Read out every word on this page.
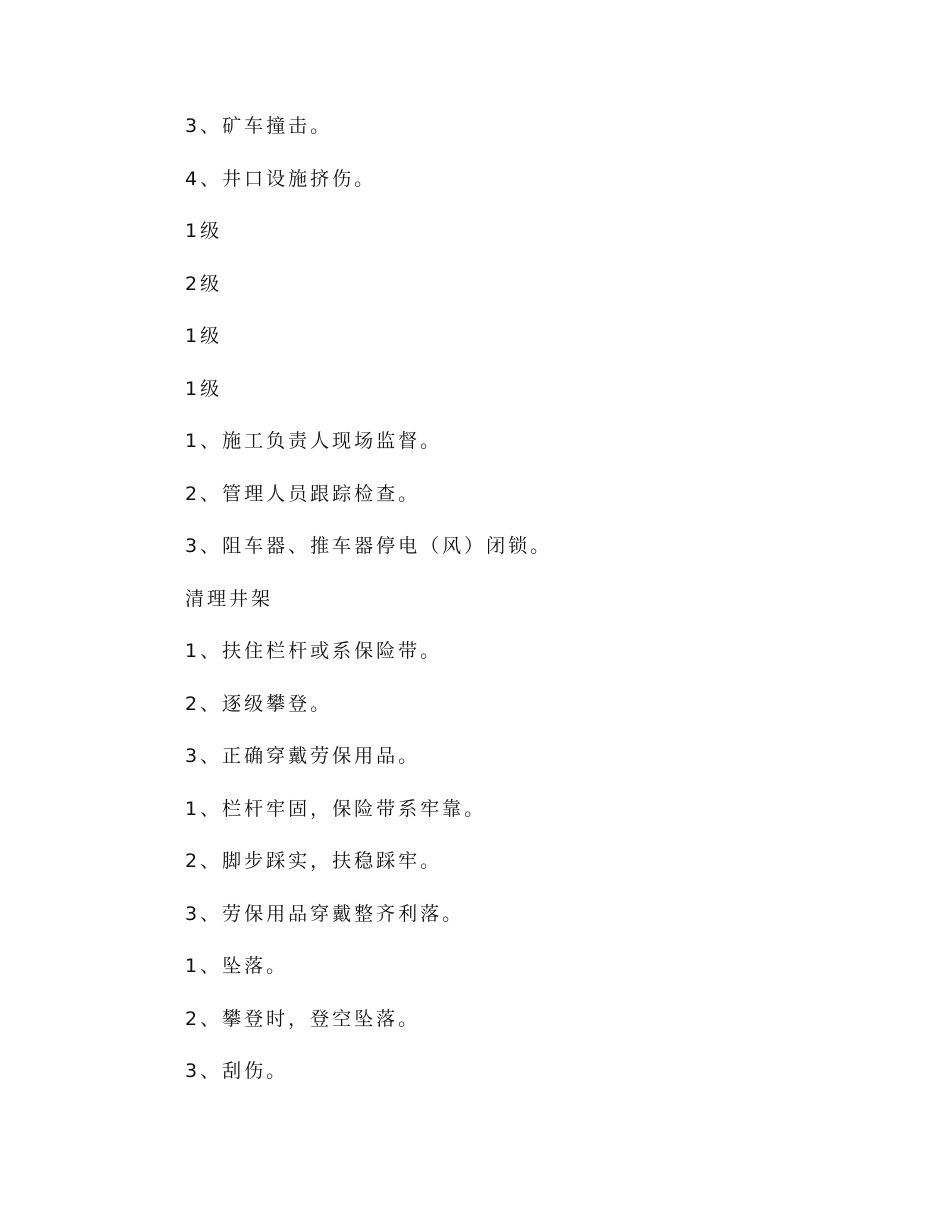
3、矿车撞击。
4、井口设施挤伤。
1级
2级
1级
1级
1、施工负责人现场监督。
2、管理人员跟踪检查。
3、阻车器、推车器停电（风）闭锁。
清理井架
1、扶住栏杆或系保险带。
2、逐级攀登。
3、正确穿戴劳保用品。
1、栏杆牢固，保险带系牢靠。
2、脚步踩实，扶稳踩牢。
3、劳保用品穿戴整齐利落。
1、坠落。
2、攀登时，登空坠落。
3、刮伤。
